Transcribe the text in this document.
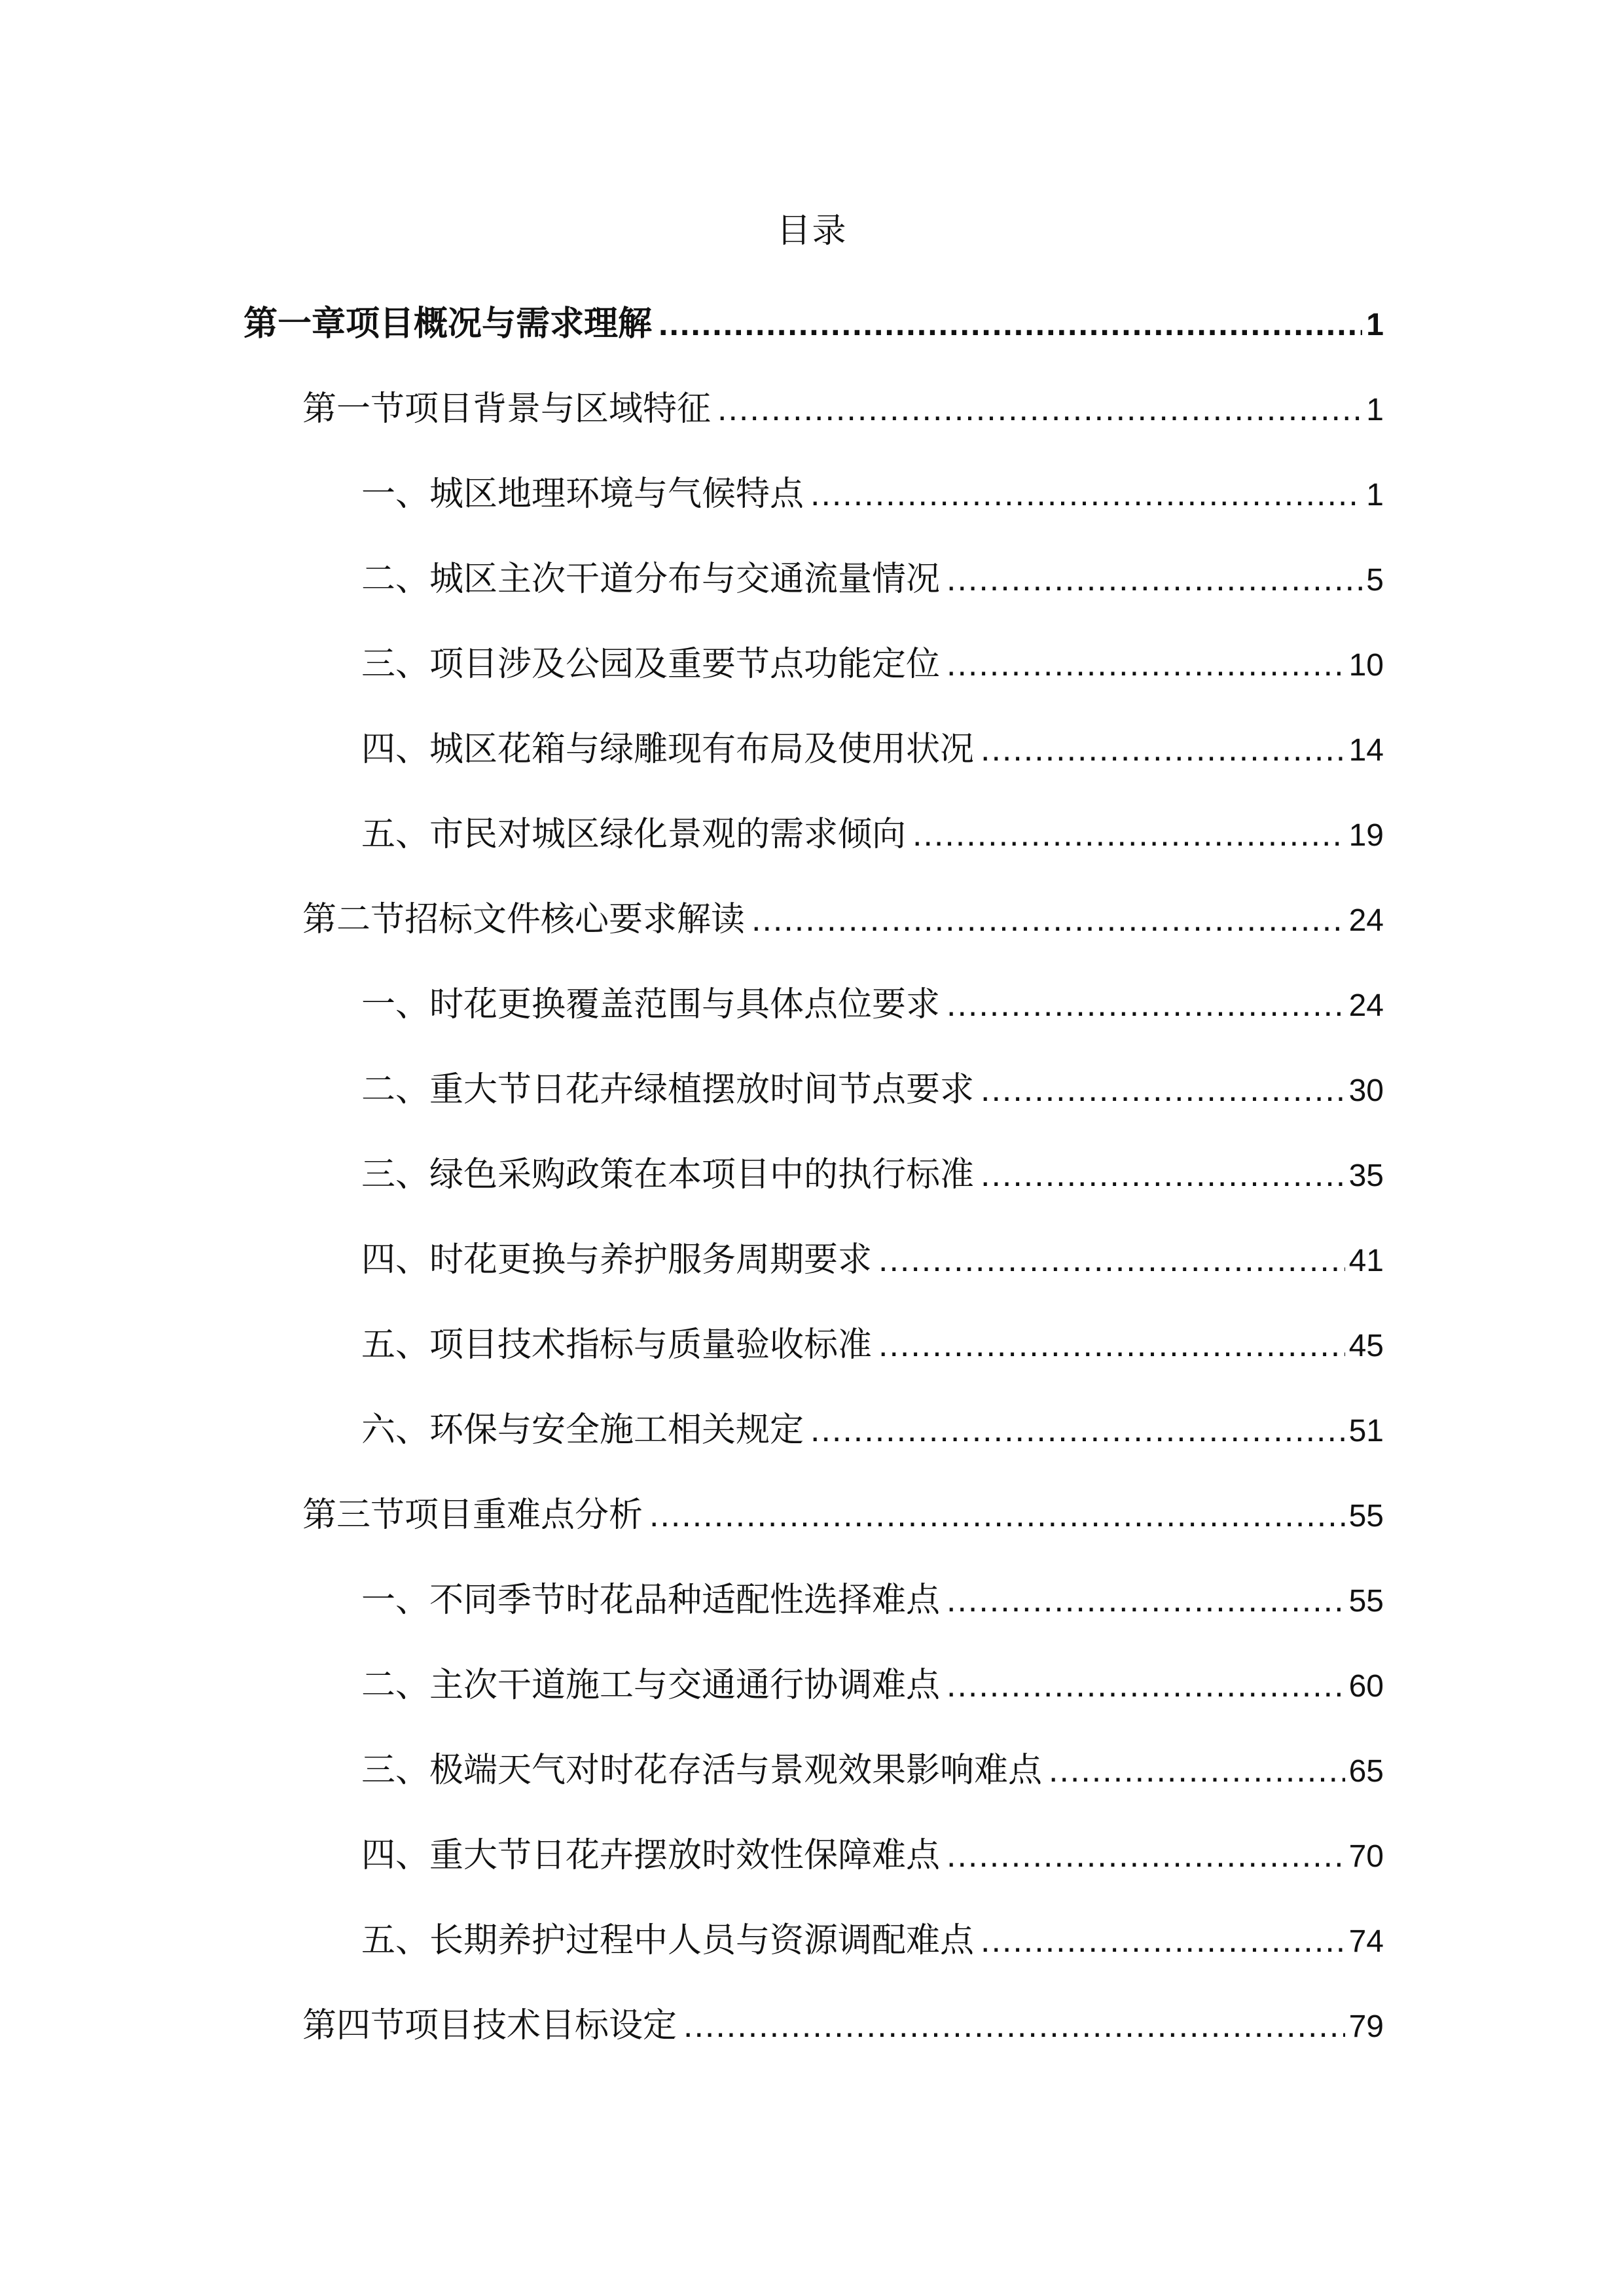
目录
第一章项目概况与需求理解 .....	1
第一节项目背景与区域特征 .....	1
一、城区地理环境与气候特点 .....	1
二、城区主次干道分布与交通流量情况 .....	5
三、项目涉及公园及重要节点功能定位 .....	10
四、城区花箱与绿雕现有布局及使用状况 .....	14
五、市民对城区绿化景观的需求倾向 .....	19
第二节招标文件核心要求解读 .....	24
一、时花更换覆盖范围与具体点位要求 .....	24
二、重大节日花卉绿植摆放时间节点要求 .....	30
三、绿色采购政策在本项目中的执行标准 .....	35
四、时花更换与养护服务周期要求 .....	41
五、项目技术指标与质量验收标准 .....	45
六、环保与安全施工相关规定 .....	51
第三节项目重难点分析 .....	55
一、不同季节时花品种适配性选择难点 .....	55
二、主次干道施工与交通通行协调难点 .....	60
三、极端天气对时花存活与景观效果影响难点 .....	65
四、重大节日花卉摆放时效性保障难点 .....	70
五、长期养护过程中人员与资源调配难点 .....	74
第四节项目技术目标设定 .....	79
